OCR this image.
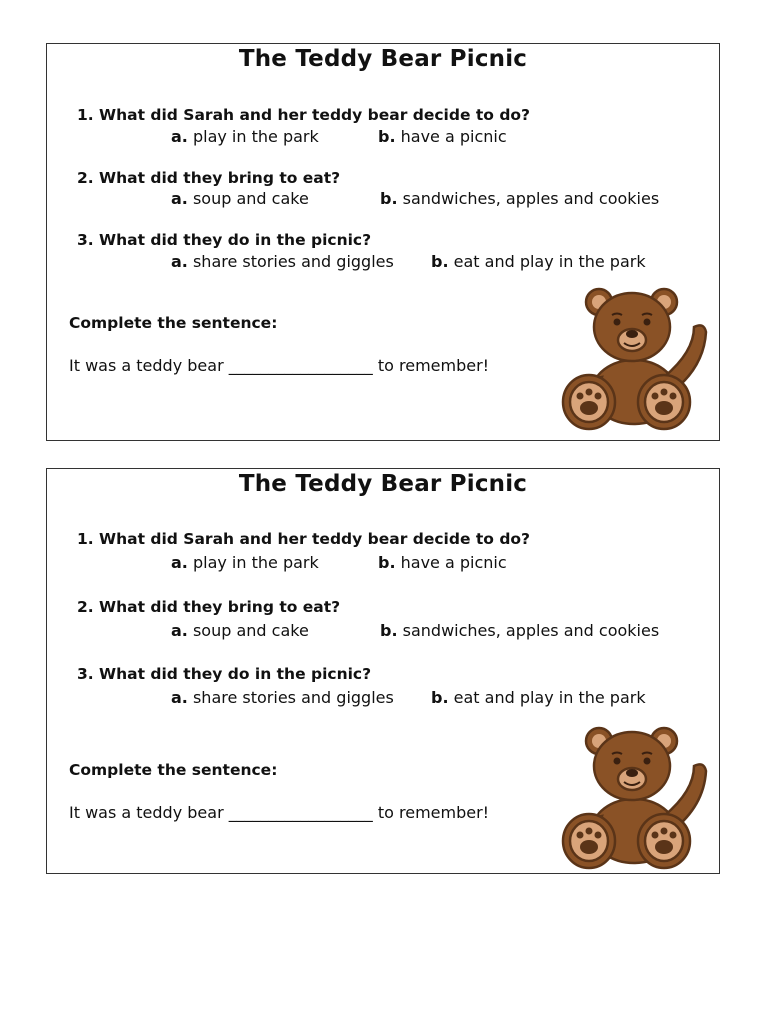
The Teddy Bear Picnic
1. What did Sarah and her teddy bear decide to do?
a. play in the park	b. have a picnic
2. What did they bring to eat?
a. soup and cake	b. sandwiches, apples and cookies
3. What did they do in the picnic?
a. share stories and giggles b. eat and play in the park
Complete the sentence:
It was a teddy bear __________________ to remember!
The Teddy Bear Picnic
1. What did Sarah and her teddy bear decide to do?
a. play in the park	b. have a picnic
2. What did they bring to eat?
a. soup and cake	b. sandwiches, apples and cookies
3. What did they do in the picnic?
a. share stories and giggles b. eat and play in the park
Complete the sentence:
It was a teddy bear __________________ to remember!
